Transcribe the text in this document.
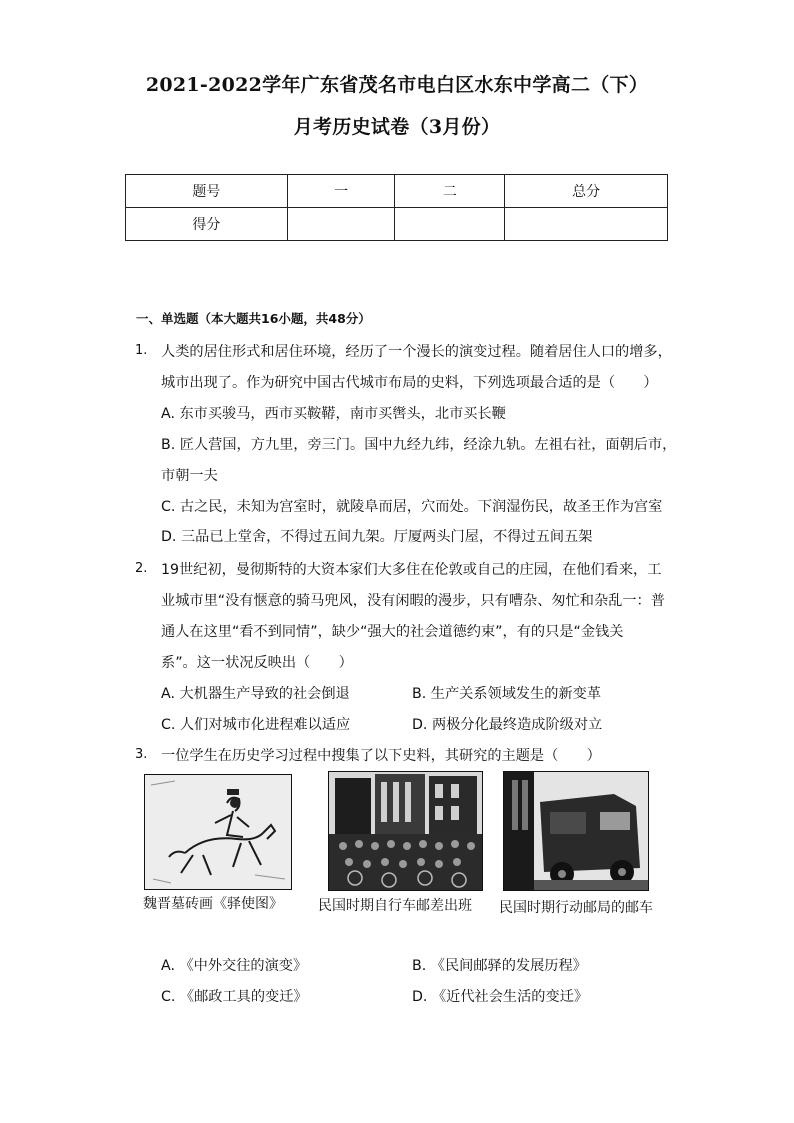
2021-2022学年广东省茂名市电白区水东中学高二（下）
月考历史试卷（3月份）
题号	一	二	总分
得分			
一、单选题（本大题共16小题，共48分）
1. 人类的居住形式和居住环境，经历了一个漫长的演变过程。随着居住人口的增多，
城市出现了。作为研究中国古代城市布局的史料，下列选项最合适的是（　　）
A. 东市买骏马，西市买鞍鞯，南市买辔头，北市买长鞭
B. 匠人营国，方九里，旁三门。国中九经九纬，经涂九轨。左祖右社，面朝后市，
市朝一夫
C. 古之民，未知为宫室时，就陵阜而居，穴而处。下润湿伤民，故圣王作为宫室
D. 三品已上堂舍，不得过五间九架。厅厦两头门屋，不得过五间五架
2. 19世纪初，曼彻斯特的大资本家们大多住在伦敦或自己的庄园，在他们看来，工
业城市里“没有惬意的骑马兜风，没有闲暇的漫步，只有嘈杂、匆忙和杂乱一：普
通人在这里“看不到同情”，缺少“强大的社会道德约束”，有的只是“金钱关
系”。这一状况反映出（　　）
A. 大机器生产导致的社会倒退	B. 生产关系领域发生的新变革
C. 人们对城市化进程难以适应	D. 两极分化最终造成阶级对立
3. 一位学生在历史学习过程中搜集了以下史料，其研究的主题是（　　）
魏晋墓砖画《驿使图》	民国时期自行车邮差出班 民国时期行动邮局的邮车
A. 《中外交往的演变》	B. 《民间邮驿的发展历程》
C. 《邮政工具的变迁》	D. 《近代社会生活的变迁》
